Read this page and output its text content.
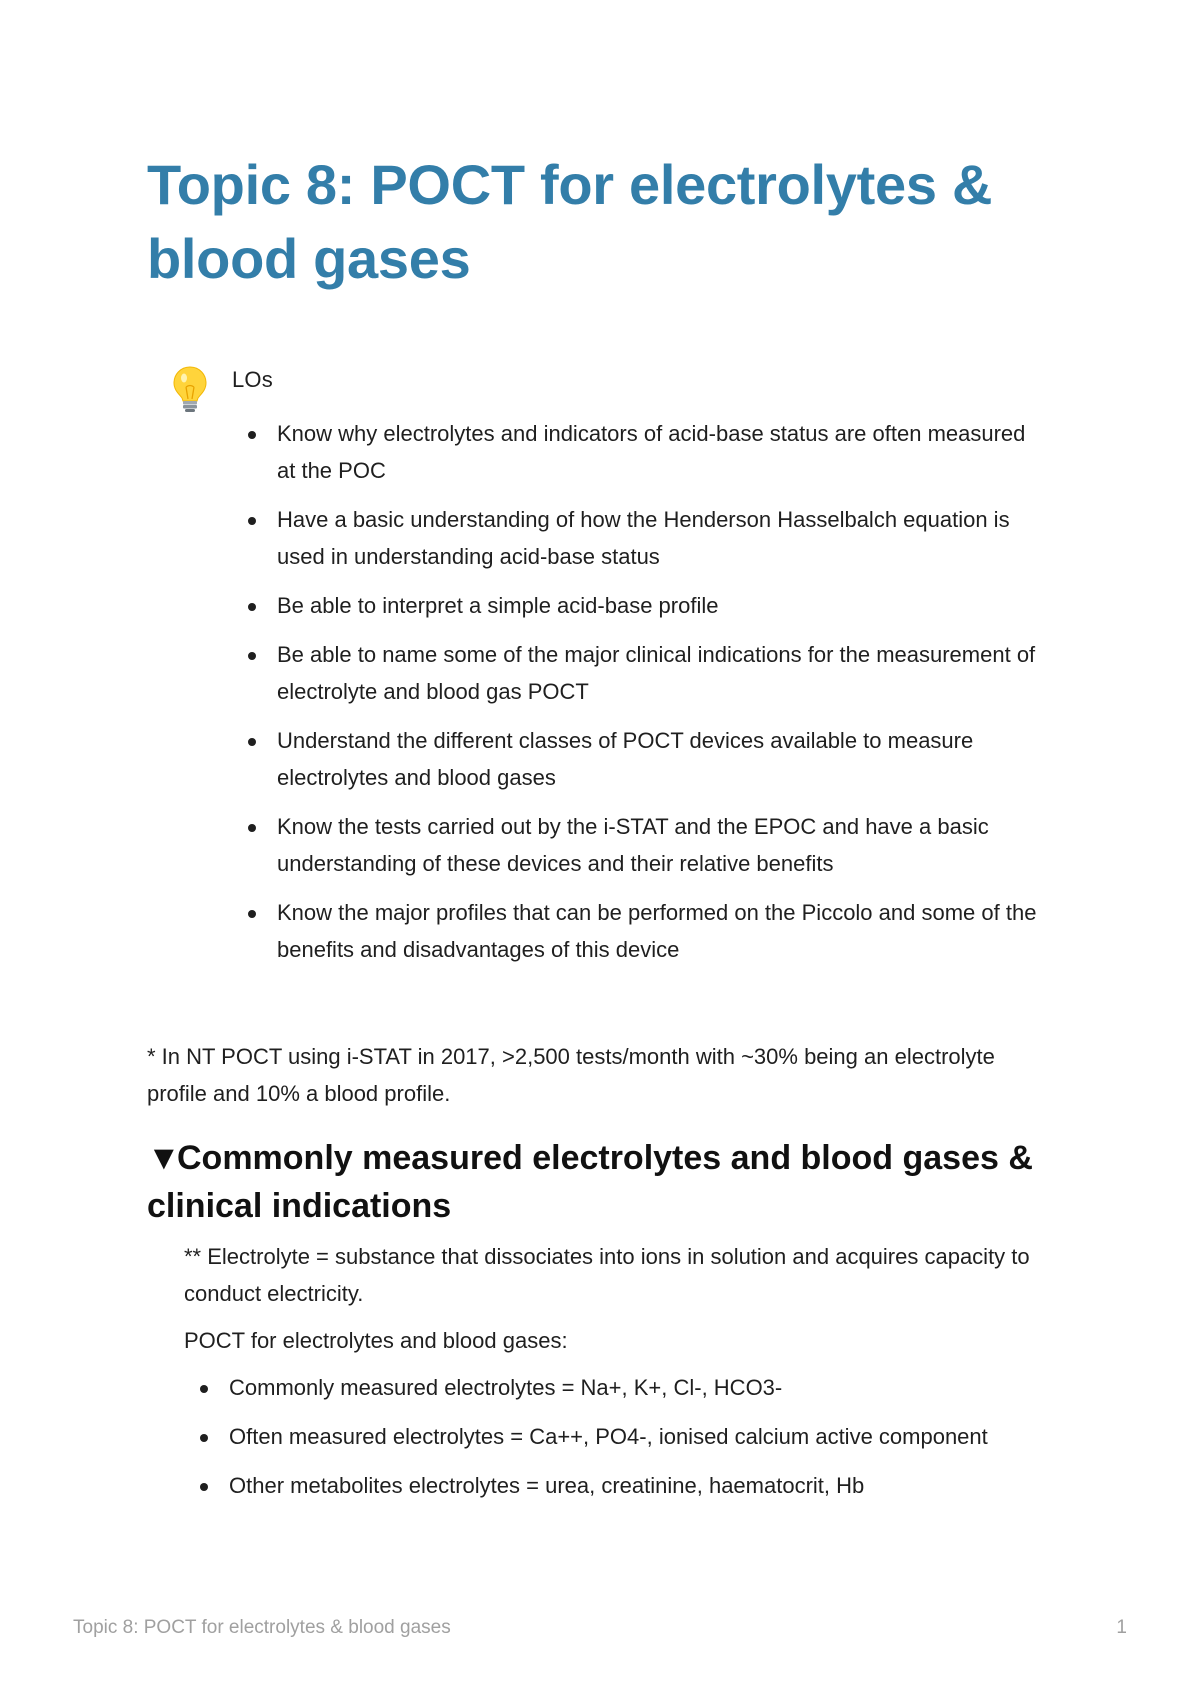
Topic 8: POCT for electrolytes & blood gases

LOs

Know why electrolytes and indicators of acid-base status are often measured at the POC
Have a basic understanding of how the Henderson Hasselbalch equation is used in understanding acid-base status
Be able to interpret a simple acid-base profile
Be able to name some of the major clinical indications for the measurement of electrolyte and blood gas POCT
Understand the different classes of POCT devices available to measure electrolytes and blood gases
Know the tests carried out by the i-STAT and the EPOC and have a basic understanding of these devices and their relative benefits
Know the major profiles that can be performed on the Piccolo and some of the benefits and disadvantages of this device

* In NT POCT using i-STAT in 2017, >2,500 tests/month with ~30% being an electrolyte profile and 10% a blood profile.

▼Commonly measured electrolytes and blood gases & clinical indications

** Electrolyte = substance that dissociates into ions in solution and acquires capacity to conduct electricity.

POCT for electrolytes and blood gases:

Commonly measured electrolytes = Na+, K+, Cl-, HCO3-
Often measured electrolytes = Ca++, PO4-, ionised calcium active component
Other metabolites electrolytes = urea, creatinine, haematocrit, Hb
Topic 8: POCT for electrolytes & blood gases	1
